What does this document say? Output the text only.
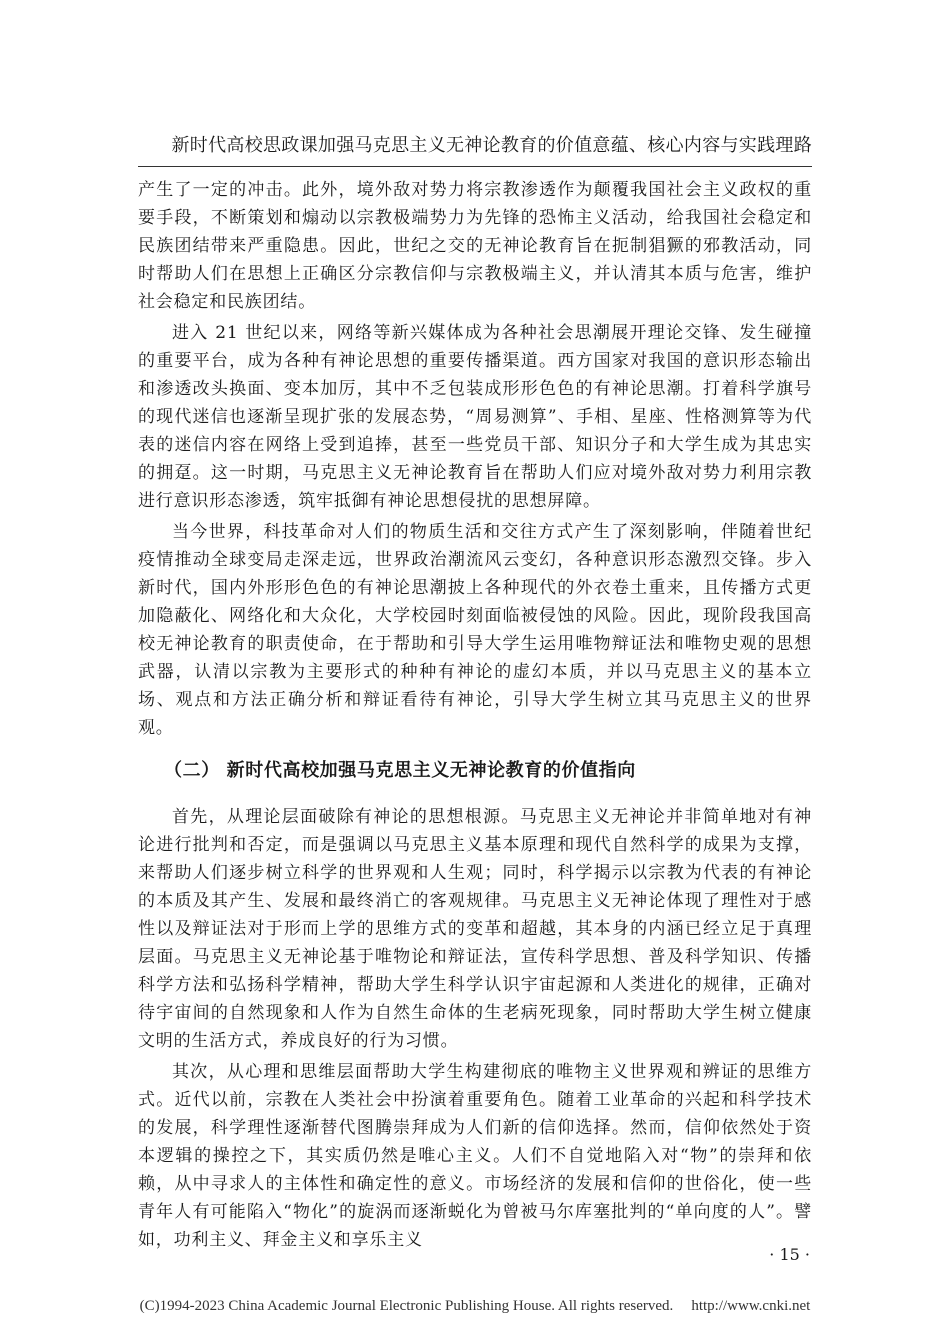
新时代高校思政课加强马克思主义无神论教育的价值意蕴、核心内容与实践理路

产生了一定的冲击。此外，境外敌对势力将宗教渗透作为颠覆我国社会主义政权的重要手段，不断策划和煽动以宗教极端势力为先锋的恐怖主义活动，给我国社会稳定和民族团结带来严重隐患。因此，世纪之交的无神论教育旨在扼制猖獗的邪教活动，同时帮助人们在思想上正确区分宗教信仰与宗教极端主义，并认清其本质与危害，维护社会稳定和民族团结。

进入 21 世纪以来，网络等新兴媒体成为各种社会思潮展开理论交锋、发生碰撞的重要平台，成为各种有神论思想的重要传播渠道。西方国家对我国的意识形态输出和渗透改头换面、变本加厉，其中不乏包装成形形色色的有神论思潮。打着科学旗号的现代迷信也逐渐呈现扩张的发展态势，“周易测算”、手相、星座、性格测算等为代表的迷信内容在网络上受到追捧，甚至一些党员干部、知识分子和大学生成为其忠实的拥趸。这一时期，马克思主义无神论教育旨在帮助人们应对境外敌对势力利用宗教进行意识形态渗透，筑牢抵御有神论思想侵扰的思想屏障。

当今世界，科技革命对人们的物质生活和交往方式产生了深刻影响，伴随着世纪疫情推动全球变局走深走远，世界政治潮流风云变幻，各种意识形态激烈交锋。步入新时代，国内外形形色色的有神论思潮披上各种现代的外衣卷土重来，且传播方式更加隐蔽化、网络化和大众化，大学校园时刻面临被侵蚀的风险。因此，现阶段我国高校无神论教育的职责使命，在于帮助和引导大学生运用唯物辩证法和唯物史观的思想武器，认清以宗教为主要形式的种种有神论的虚幻本质，并以马克思主义的基本立场、观点和方法正确分析和辩证看待有神论，引导大学生树立其马克思主义的世界观。

（二） 新时代高校加强马克思主义无神论教育的价值指向

首先，从理论层面破除有神论的思想根源。马克思主义无神论并非简单地对有神论进行批判和否定，而是强调以马克思主义基本原理和现代自然科学的成果为支撑，来帮助人们逐步树立科学的世界观和人生观；同时，科学揭示以宗教为代表的有神论的本质及其产生、发展和最终消亡的客观规律。马克思主义无神论体现了理性对于感性以及辩证法对于形而上学的思维方式的变革和超越，其本身的内涵已经立足于真理层面。马克思主义无神论基于唯物论和辩证法，宣传科学思想、普及科学知识、传播科学方法和弘扬科学精神，帮助大学生科学认识宇宙起源和人类进化的规律，正确对待宇宙间的自然现象和人作为自然生命体的生老病死现象，同时帮助大学生树立健康文明的生活方式，养成良好的行为习惯。

其次，从心理和思维层面帮助大学生构建彻底的唯物主义世界观和辨证的思维方式。近代以前，宗教在人类社会中扮演着重要角色。随着工业革命的兴起和科学技术的发展，科学理性逐渐替代图腾崇拜成为人们新的信仰选择。然而，信仰依然处于资本逻辑的操控之下，其实质仍然是唯心主义。人们不自觉地陷入对“物”的崇拜和依赖，从中寻求人的主体性和确定性的意义。市场经济的发展和信仰的世俗化，使一些青年人有可能陷入“物化”的旋涡而逐渐蜕化为曾被马尔库塞批判的“单向度的人”。譬如，功利主义、拜金主义和享乐主义

· 15 ·
(C)1994-2023 China Academic Journal Electronic Publishing House. All rights reserved. http://www.cnki.net
